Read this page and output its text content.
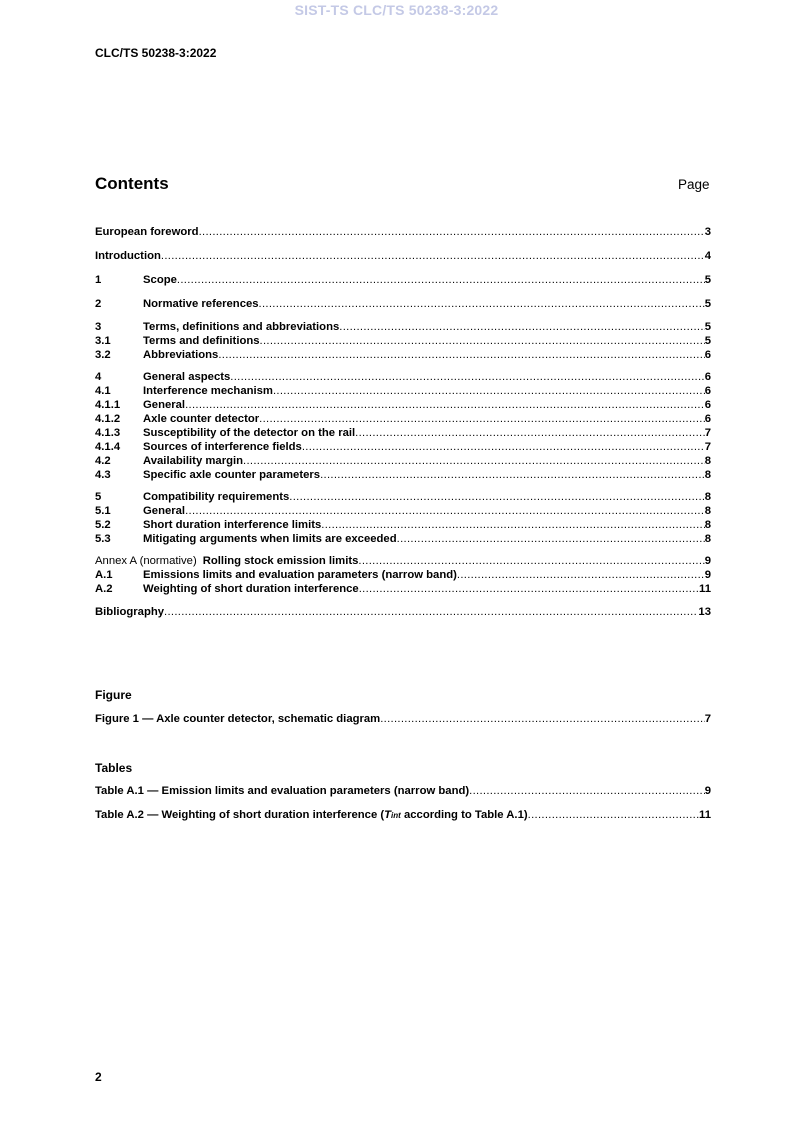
SIST-TS CLC/TS 50238-3:2022
CLC/TS 50238-3:2022
Contents	Page
European foreword .....	3
Introduction .....	4
1	Scope .....	5
2	Normative references .....	5
3	Terms, definitions and abbreviations .....	5
3.1	Terms and definitions .....	5
3.2	Abbreviations .....	6
4	General aspects .....	6
4.1	Interference mechanism .....	6
4.1.1	General .....	6
4.1.2	Axle counter detector .....	6
4.1.3	Susceptibility of the detector on the rail .....	7
4.1.4	Sources of interference fields .....	7
4.2	Availability margin .....	8
4.3	Specific axle counter parameters .....	8
5	Compatibility requirements .....	8
5.1	General .....	8
5.2	Short duration interference limits .....	8
5.3	Mitigating arguments when limits are exceeded .....	8
Annex A (normative) Rolling stock emission limits .....	9
A.1	Emissions limits and evaluation parameters (narrow band) .....	9
A.2	Weighting of short duration interference .....	11
Bibliography .....	13
Figure
Figure 1 — Axle counter detector, schematic diagram .....	7
Tables
Table A.1 — Emission limits and evaluation parameters (narrow band) .....	9
Table A.2 — Weighting of short duration interference (Tint according to Table A.1) .....	11
2
